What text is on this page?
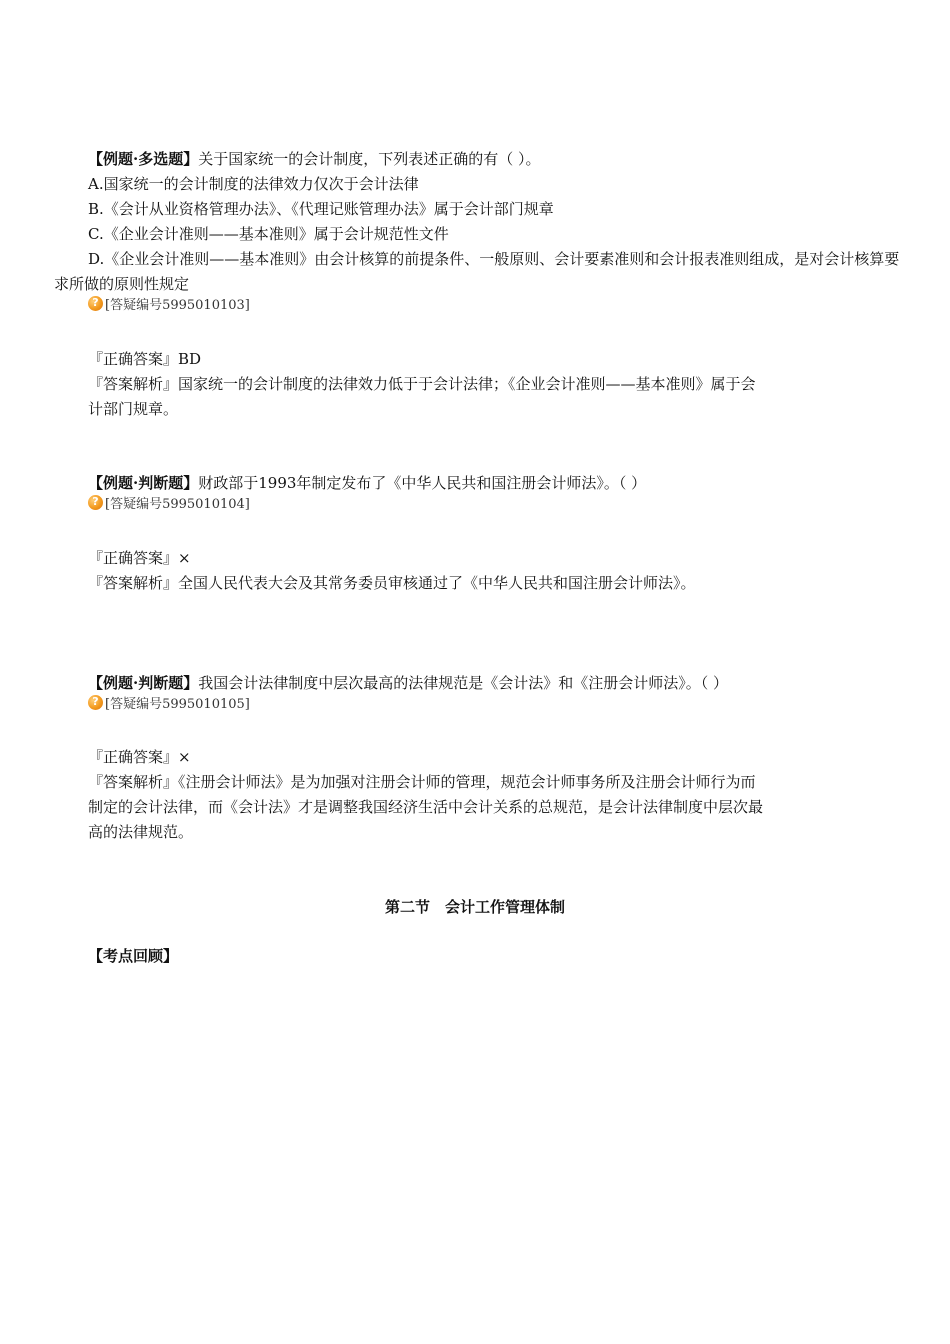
【例题·多选题】关于国家统一的会计制度，下列表述正确的有（ ）。
A.国家统一的会计制度的法律效力仅次于会计法律
B.《会计从业资格管理办法》、《代理记账管理办法》属于会计部门规章
C.《企业会计准则——基本准则》属于会计规范性文件
D.《企业会计准则——基本准则》由会计核算的前提条件、一般原则、会计要素准则和会计报表准则组成，是对会计核算要求所做的原则性规定
? [答疑编号5995010103]
『正确答案』BD
『答案解析』国家统一的会计制度的法律效力低于于会计法律；《企业会计准则——基本准则》属于会计部门规章。
【例题·判断题】财政部于1993年制定发布了《中华人民共和国注册会计师法》。（ ）
? [答疑编号5995010104]
『正确答案』×
『答案解析』全国人民代表大会及其常务委员审核通过了《中华人民共和国注册会计师法》。
【例题·判断题】我国会计法律制度中层次最高的法律规范是《会计法》和《注册会计师法》。（ ）
? [答疑编号5995010105]
『正确答案』×
『答案解析』《注册会计师法》是为加强对注册会计师的管理，规范会计师事务所及注册会计师行为而制定的会计法律，而《会计法》才是调整我国经济生活中会计关系的总规范，是会计法律制度中层次最高的法律规范。
第二节　会计工作管理体制
【考点回顾】
